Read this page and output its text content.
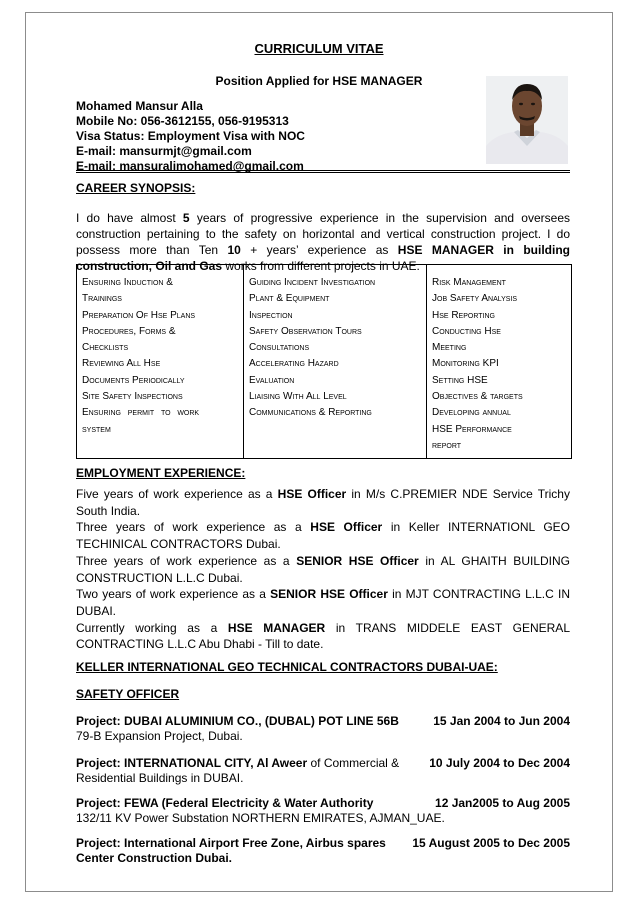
CURRICULUM VITAE
Position Applied for HSE MANAGER
Mohamed Mansur Alla
Mobile No: 056-3612155, 056-9195313
Visa Status: Employment Visa with NOC
E-mail: mansurmjt@gmail.com
E-mail: mansuralimohamed@gmail.com
CAREER SYNOPSIS:
I do have almost 5 years of progressive experience in the supervision and oversees construction pertaining to the safety on horizontal and vertical construction project. I do possess more than Ten 10 + years’ experience as HSE MANAGER in building construction, Oil and Gas works from different projects in UAE.
Ensuring Induction &
Trainings
Preparation Of Hse Plans
Procedures, Forms &
Checklists
Reviewing All Hse
Documents Periodically
Site Safety Inspections
Ensuring permit to work
system

Guiding Incident Investigation
Plant & Equipment
Inspection
Safety Observation Tours
Consultations
Accelerating Hazard
Evaluation
Liaising With All Level
Communications & Reporting

Risk Management
Job Safety Analysis
Hse Reporting
Conducting Hse
Meeting
Monitoring KPI
Setting HSE
Objectives & targets
Developing annual
HSE Performance
report
EMPLOYMENT EXPERIENCE:
Five years of work experience as a HSE Officer in M/s C.PREMIER NDE Service Trichy
South India.
Three years of work experience as a HSE Officer in Keller INTERNATIONL GEO
TECHINICAL CONTRACTORS Dubai.
Three years of work experience as a SENIOR HSE Officer in AL GHAITH BUILDING
CONSTRUCTION L.L.C Dubai.
Two years of work experience as a SENIOR HSE Officer in MJT CONTRACTING L.L.C IN
DUBAI.
Currently working as a HSE MANAGER in TRANS MIDDELE EAST GENERAL
CONTRACTING L.L.C Abu Dhabi - Till to date.
KELLER INTERNATIONAL GEO TECHNICAL CONTRACTORS DUBAI-UAE:
SAFETY OFFICER
Project: DUBAI ALUMINIUM CO., (DUBAL) POT LINE 56B	15 Jan 2004 to Jun 2004
79-B Expansion Project, Dubai.
Project: INTERNATIONAL CITY, Al Aweer of Commercial &	10 July 2004 to Dec 2004
Residential Buildings in DUBAI.
Project: FEWA (Federal Electricity & Water Authority	12 Jan2005 to Aug 2005
132/11 KV Power Substation NORTHERN EMIRATES, AJMAN_UAE.
Project: International Airport Free Zone, Airbus spares 15 August 2005 to Dec 2005
Center Construction Dubai.
